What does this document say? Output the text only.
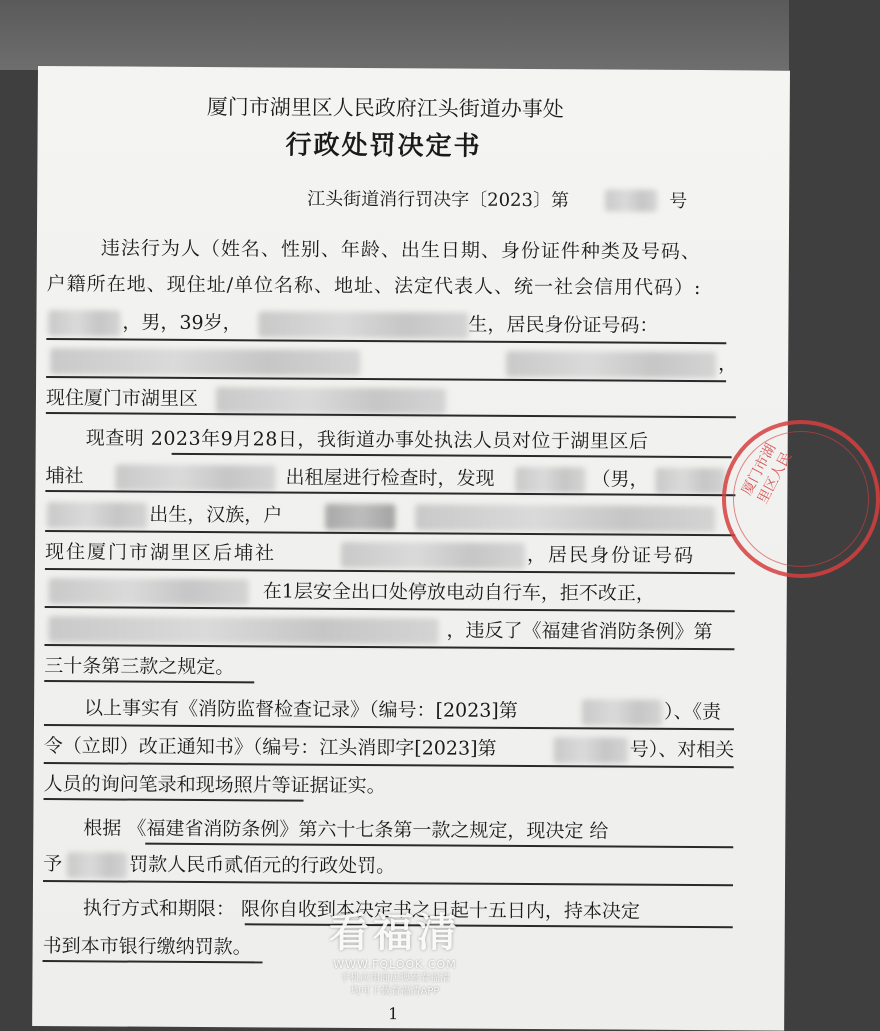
厦门市湖里区人民政府江头街道办事处
行政处罚决定书
江头街道消行罚决字〔2023〕第	号
违法行为人（姓名、性别、年龄、出生日期、身份证件种类及号码、
户籍所在地、现住址/单位名称、地址、法定代表人、统一社会信用代码）:
，男，39岁，	生，居民身份证号码：
，
现住厦门市湖里区
现查明 2023年9月28日，我街道办事处执法人员对位于湖里区后
埔社	出租屋进行检查时，发现	（男，
出生，汉族，户
现住厦门市湖里区后埔社	，居民身份证号码
在1层安全出口处停放电动自行车，拒不改正，
，违反了《福建省消防条例》第
三十条第三款之规定。
以上事实有《消防监督检查记录》（编号：[2023]第	）、《责
令（立即）改正通知书》（编号：江头消即字[2023]第	号）、对相关
人员的询问笔录和现场照片等证据证实。
根据 《福建省消防条例》第六十七条第一款之规定，现决定 给
予	罚款人民币贰佰元的行政处罚。
执行方式和期限： 限你自收到本决定书之日起十五日内，持本决定
书到本市银行缴纳罚款。
1
厦门市湖里区人民
看福清
WWW.FQLOOK.COM
手机应用商店搜索看福清
均可下载看福清APP
